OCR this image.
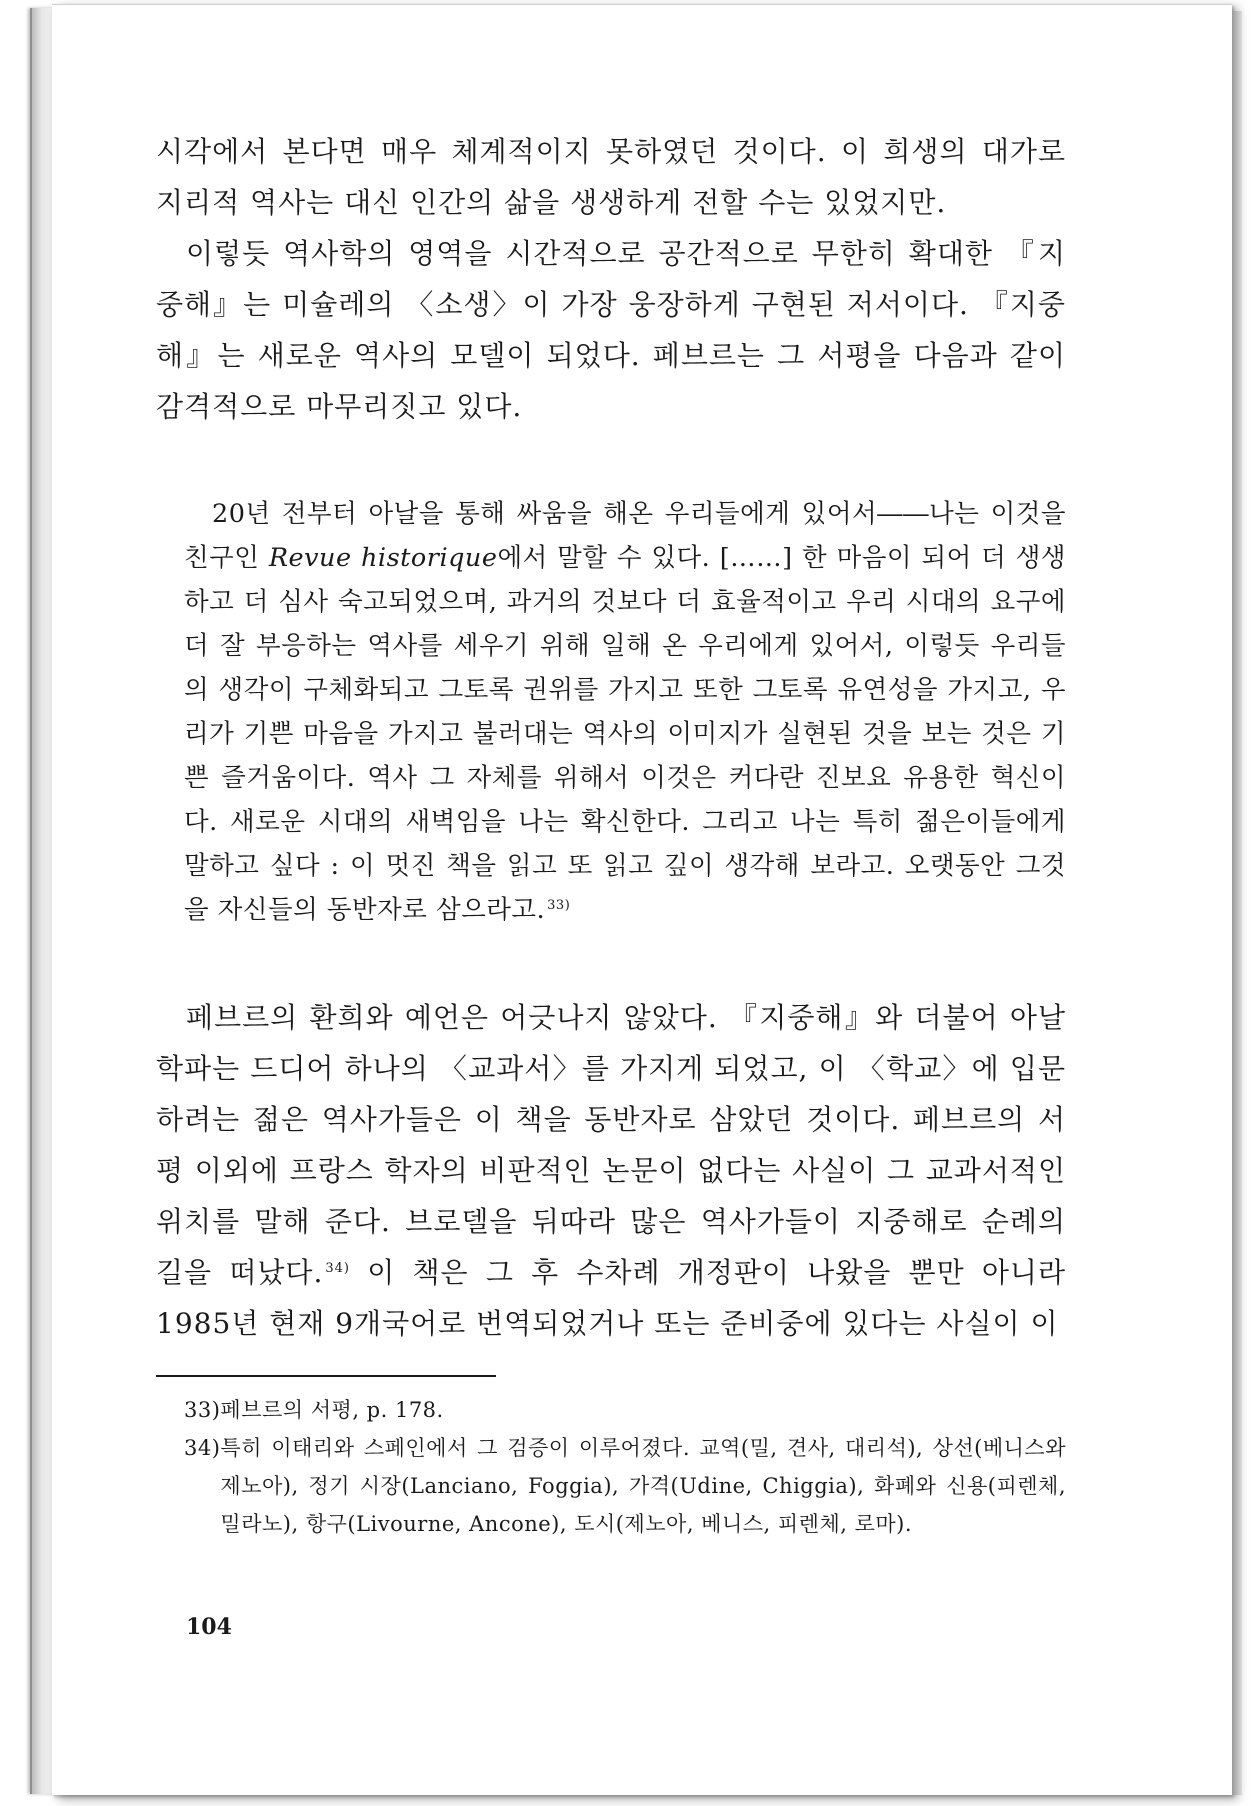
시각에서 본다면 매우 체계적이지 못하였던 것이다. 이 희생의 대가로 지리적 역사는 대신 인간의 삶을 생생하게 전할 수는 있었지만.

이렇듯 역사학의 영역을 시간적으로 공간적으로 무한히 확대한 『지중해』는 미슐레의 〈소생〉이 가장 웅장하게 구현된 저서이다. 『지중해』는 새로운 역사의 모델이 되었다. 페브르는 그 서평을 다음과 같이 감격적으로 마무리짓고 있다.

20년 전부터 아날을 통해 싸움을 해온 우리들에게 있어서――나는 이것을 친구인 Revue historique에서 말할 수 있다. [……] 한 마음이 되어 더 생생하고 더 심사 숙고되었으며, 과거의 것보다 더 효율적이고 우리 시대의 요구에 더 잘 부응하는 역사를 세우기 위해 일해 온 우리에게 있어서, 이렇듯 우리들의 생각이 구체화되고 그토록 권위를 가지고 또한 그토록 유연성을 가지고, 우리가 기쁜 마음을 가지고 불러대는 역사의 이미지가 실현된 것을 보는 것은 기쁜 즐거움이다. 역사 그 자체를 위해서 이것은 커다란 진보요 유용한 혁신이다. 새로운 시대의 새벽임을 나는 확신한다. 그리고 나는 특히 젊은이들에게 말하고 싶다 : 이 멋진 책을 읽고 또 읽고 깊이 생각해 보라고. 오랫동안 그것을 자신들의 동반자로 삼으라고. $^{33)}$

페브르의 환희와 예언은 어긋나지 않았다. 『지중해』와 더불어 아날학파는 드디어 하나의 〈교과서〉를 가지게 되었고, 이 〈학교〉에 입문하려는 젊은 역사가들은 이 책을 동반자로 삼았던 것이다. 페브르의 서평 이외에 프랑스 학자의 비판적인 논문이 없다는 사실이 그 교과서적인 위치를 말해 준다. 브로델을 뒤따라 많은 역사가들이 지중해로 순례의 길을 떠났다. $^{34)}$ 이 책은 그 후 수차례 개정판이 나왔을 뿐만 아니라 1985년 현재 9개국어로 번역되었거나 또는 준비중에 있다는 사실이 이

33) 페브르의 서평, p. 178.

34) 특히 이태리와 스페인에서 그 검증이 이루어졌다. 교역(밀, 견사, 대리석), 상선(베니스와 제노아), 정기 시장(Lanciano, Foggia), 가격(Udine, Chiggia), 화폐와 신용(피렌체, 밀라노), 항구(Livourne, Ancone), 도시(제노아, 베니스, 피렌체, 로마).

104
